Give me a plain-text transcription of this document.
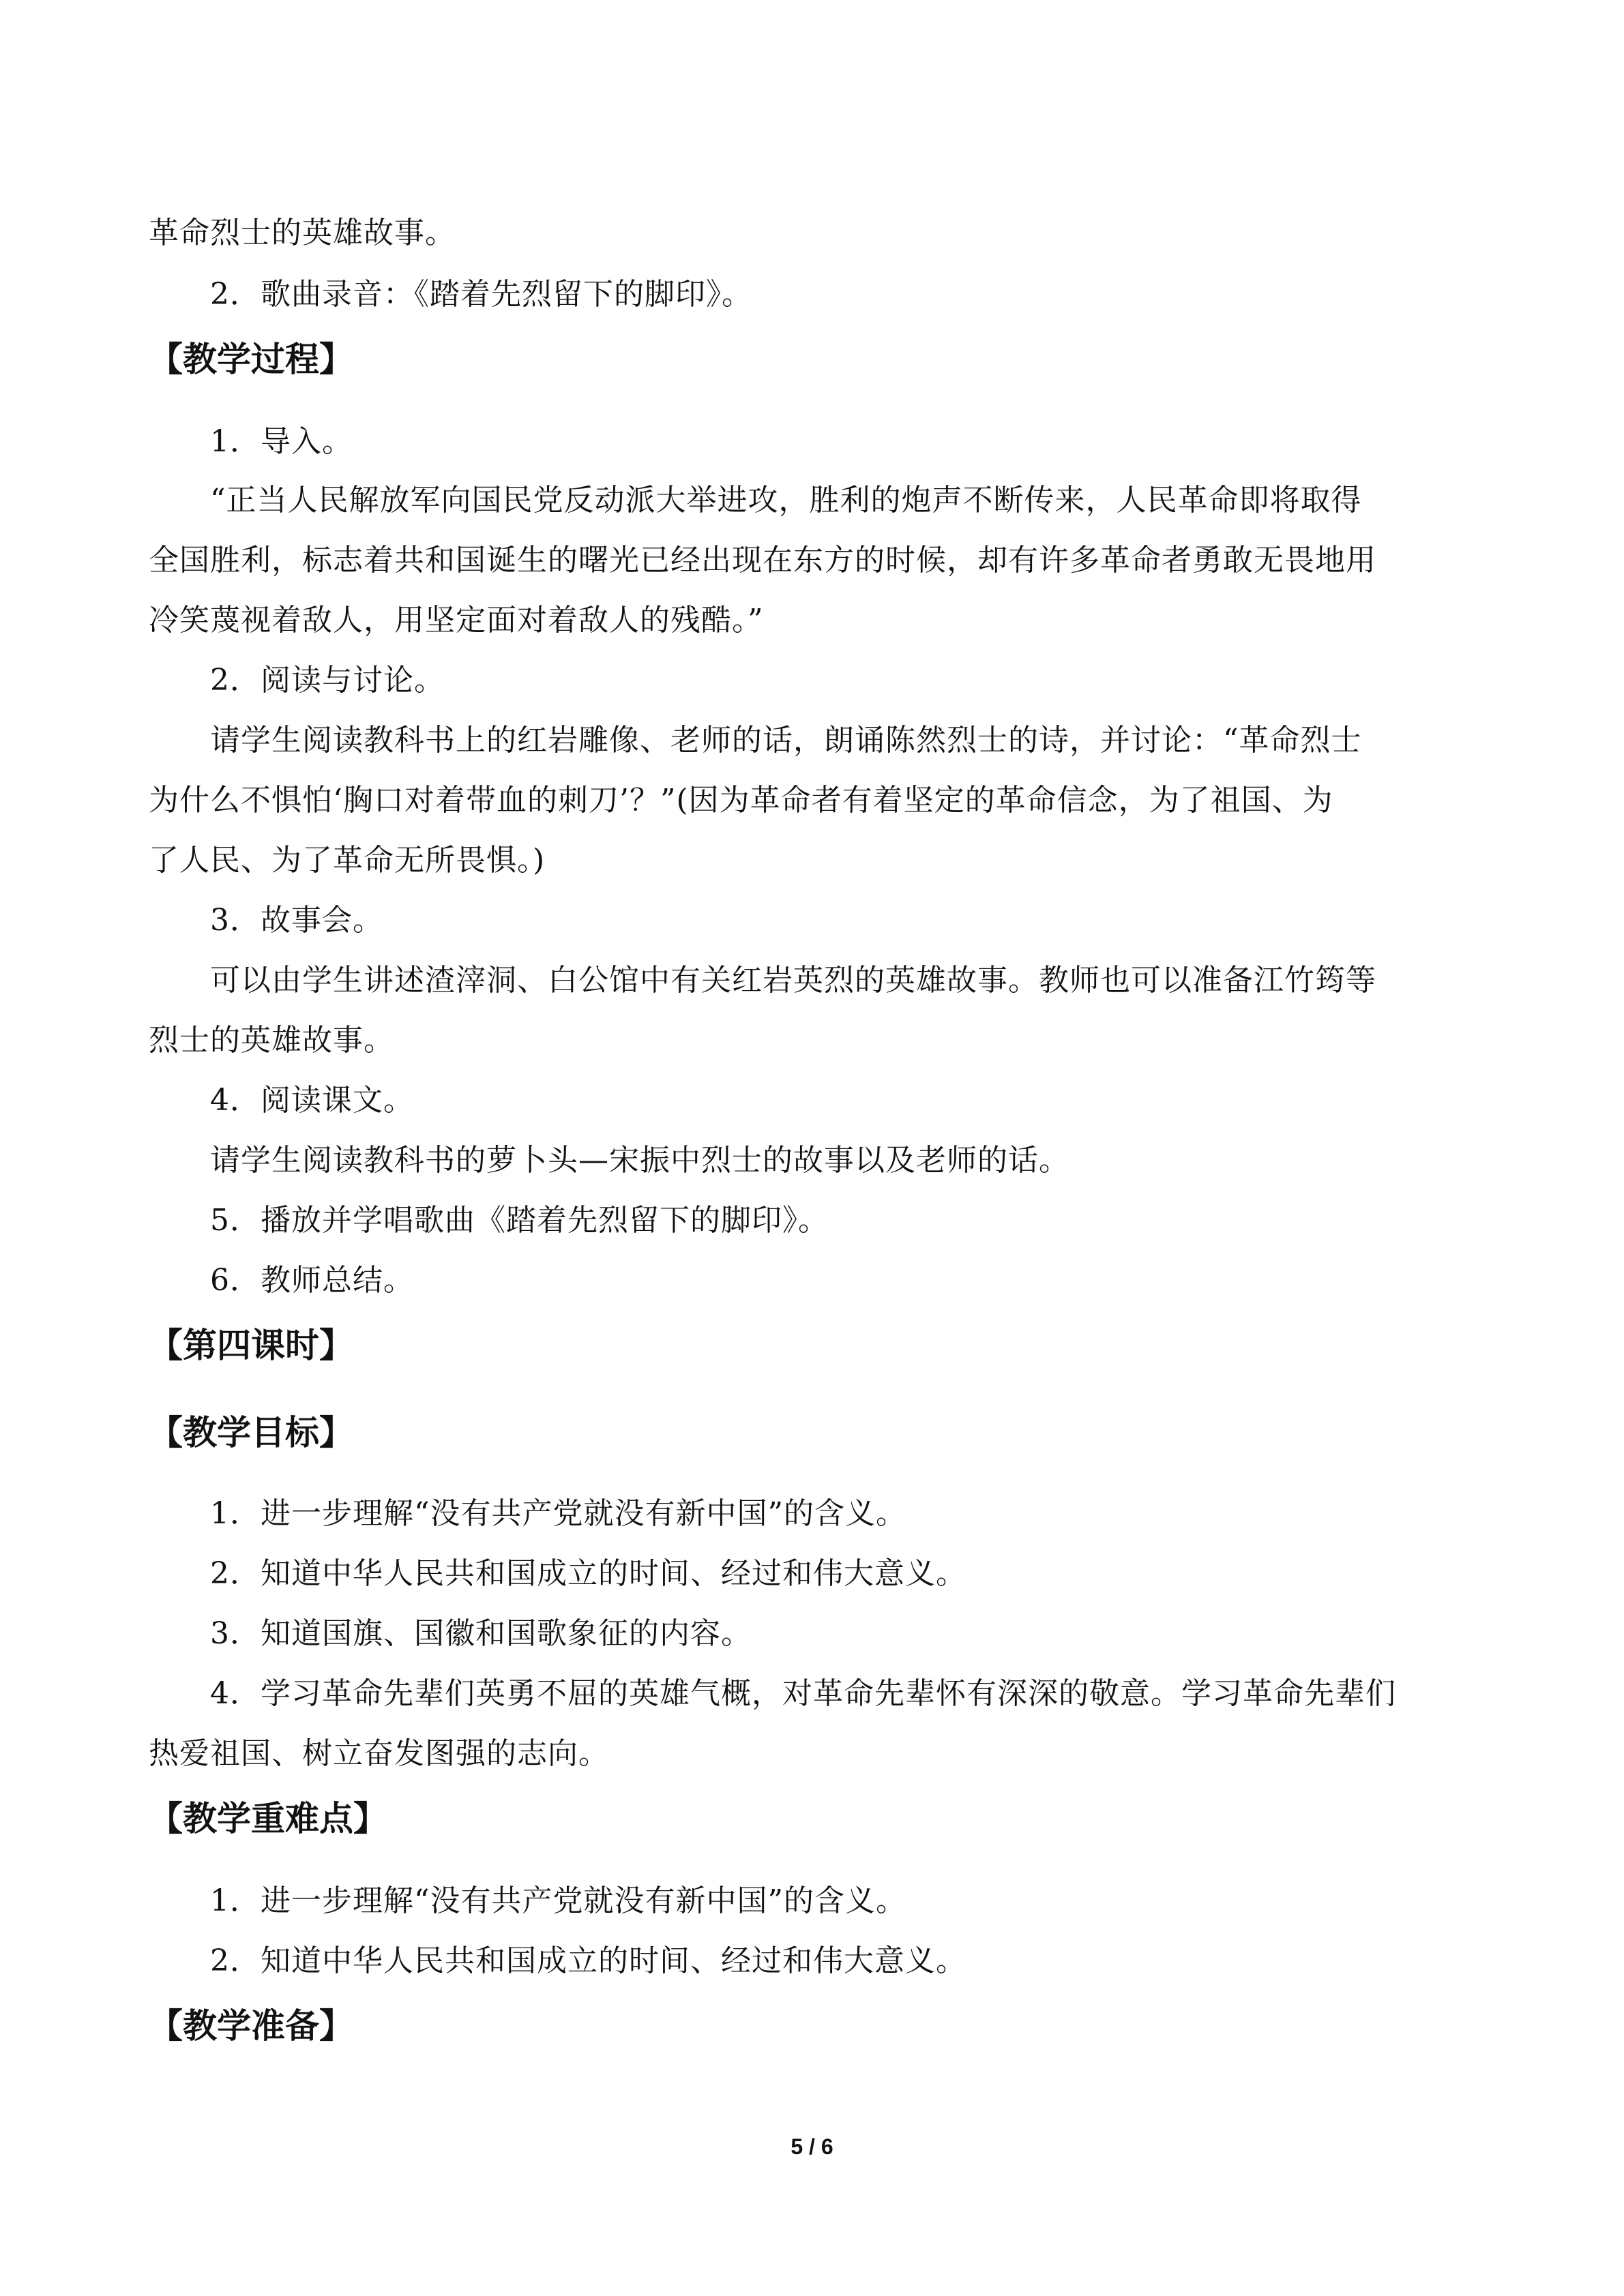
革命烈士的英雄故事。
2．歌曲录音：《踏着先烈留下的脚印》。
【教学过程】
1．导入。
“正当人民解放军向国民党反动派大举进攻，胜利的炮声不断传来，人民革命即将取得
全国胜利，标志着共和国诞生的曙光已经出现在东方的时候，却有许多革命者勇敢无畏地用
冷笑蔑视着敌人，用坚定面对着敌人的残酷。”
2．阅读与讨论。
请学生阅读教科书上的红岩雕像、老师的话，朗诵陈然烈士的诗，并讨论：“革命烈士
为什么不惧怕‘胸口对着带血的刺刀’？”(因为革命者有着坚定的革命信念，为了祖国、为
了人民、为了革命无所畏惧。)
3．故事会。
可以由学生讲述渣滓洞、白公馆中有关红岩英烈的英雄故事。教师也可以准备江竹筠等
烈士的英雄故事。
4．阅读课文。
请学生阅读教科书的萝卜头—宋振中烈士的故事以及老师的话。
5．播放并学唱歌曲《踏着先烈留下的脚印》。
6．教师总结。
【第四课时】
【教学目标】
1．进一步理解“没有共产党就没有新中国”的含义。
2．知道中华人民共和国成立的时间、经过和伟大意义。
3．知道国旗、国徽和国歌象征的内容。
4．学习革命先辈们英勇不屈的英雄气概，对革命先辈怀有深深的敬意。学习革命先辈们
热爱祖国、树立奋发图强的志向。
【教学重难点】
1．进一步理解“没有共产党就没有新中国”的含义。
2．知道中华人民共和国成立的时间、经过和伟大意义。
【教学准备】
5 / 6
